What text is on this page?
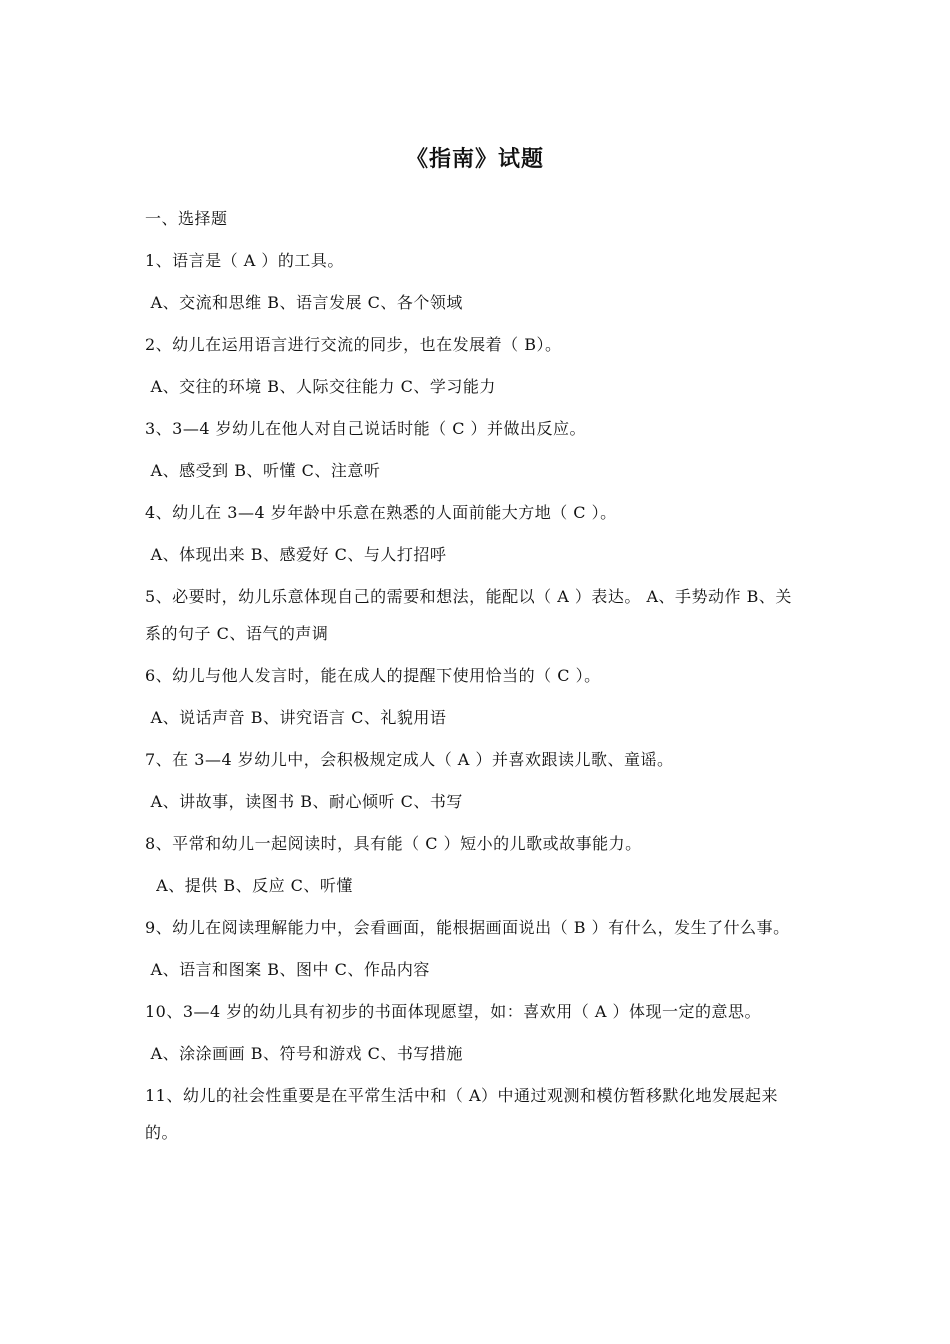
《指南》试题

一、选择题

1、语言是（ A ）的工具。

A、交流和思维 B、语言发展 C、各个领域

2、幼儿在运用语言进行交流的同步，也在发展着（ B）。

A、交往的环境 B、人际交往能力 C、学习能力

3、3—4 岁幼儿在他人对自己说话时能（ C ）并做出反应。

A、感受到 B、听懂 C、注意听

4、幼儿在 3—4 岁年龄中乐意在熟悉的人面前能大方地（ C ）。

A、体现出来 B、感爱好 C、与人打招呼

5、必要时，幼儿乐意体现自己的需要和想法，能配以（ A ）表达。 A、手势动作 B、关系的句子 C、语气的声调

6、幼儿与他人发言时，能在成人的提醒下使用恰当的（ C ）。

A、说话声音 B、讲究语言 C、礼貌用语

7、在 3—4 岁幼儿中，会积极规定成人（ A ）并喜欢跟读儿歌、童谣。

A、讲故事，读图书 B、耐心倾听 C、书写

8、平常和幼儿一起阅读时，具有能（ C ）短小的儿歌或故事能力。

A、提供 B、反应 C、听懂

9、幼儿在阅读理解能力中，会看画面，能根据画面说出（ B ）有什么，发生了什么事。

A、语言和图案 B、图中 C、作品内容

10、3—4 岁的幼儿具有初步的书面体现愿望，如：喜欢用（ A ）体现一定的意思。

A、涂涂画画 B、符号和游戏 C、书写措施

11、幼儿的社会性重要是在平常生活中和（ A）中通过观测和模仿暂移默化地发展起来的。
